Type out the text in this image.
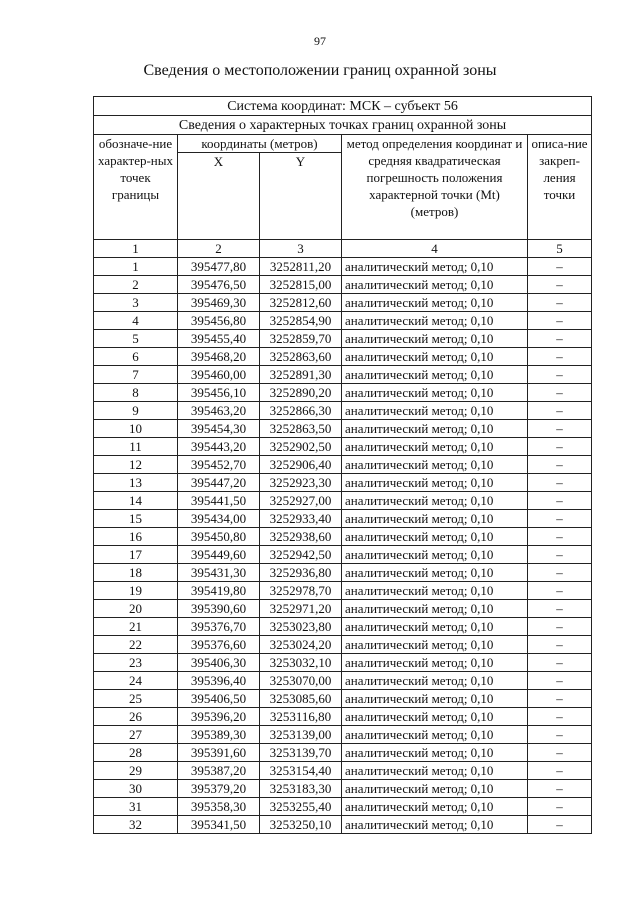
97
Сведения о местоположении границ охранной зоны
Система координат: МСК – субъект 56				
Сведения о характерных точках границ охранной зоны				
обозначе-ние характер-ных точек границы	координаты (метров)		метод определения координат и средняя квадратическая погрешность положения характерной точки (Mt) (метров)	описа-ние закреп-ления точки
	X	Y		
1	2	3	4	5
1	395477,80	3252811,20	аналитический метод; 0,10	–
2	395476,50	3252815,00	аналитический метод; 0,10	–
3	395469,30	3252812,60	аналитический метод; 0,10	–
4	395456,80	3252854,90	аналитический метод; 0,10	–
5	395455,40	3252859,70	аналитический метод; 0,10	–
6	395468,20	3252863,60	аналитический метод; 0,10	–
7	395460,00	3252891,30	аналитический метод; 0,10	–
8	395456,10	3252890,20	аналитический метод; 0,10	–
9	395463,20	3252866,30	аналитический метод; 0,10	–
10	395454,30	3252863,50	аналитический метод; 0,10	–
11	395443,20	3252902,50	аналитический метод; 0,10	–
12	395452,70	3252906,40	аналитический метод; 0,10	–
13	395447,20	3252923,30	аналитический метод; 0,10	–
14	395441,50	3252927,00	аналитический метод; 0,10	–
15	395434,00	3252933,40	аналитический метод; 0,10	–
16	395450,80	3252938,60	аналитический метод; 0,10	–
17	395449,60	3252942,50	аналитический метод; 0,10	–
18	395431,30	3252936,80	аналитический метод; 0,10	–
19	395419,80	3252978,70	аналитический метод; 0,10	–
20	395390,60	3252971,20	аналитический метод; 0,10	–
21	395376,70	3253023,80	аналитический метод; 0,10	–
22	395376,60	3253024,20	аналитический метод; 0,10	–
23	395406,30	3253032,10	аналитический метод; 0,10	–
24	395396,40	3253070,00	аналитический метод; 0,10	–
25	395406,50	3253085,60	аналитический метод; 0,10	–
26	395396,20	3253116,80	аналитический метод; 0,10	–
27	395389,30	3253139,00	аналитический метод; 0,10	–
28	395391,60	3253139,70	аналитический метод; 0,10	–
29	395387,20	3253154,40	аналитический метод; 0,10	–
30	395379,20	3253183,30	аналитический метод; 0,10	–
31	395358,30	3253255,40	аналитический метод; 0,10	–
32	395341,50	3253250,10	аналитический метод; 0,10	–
